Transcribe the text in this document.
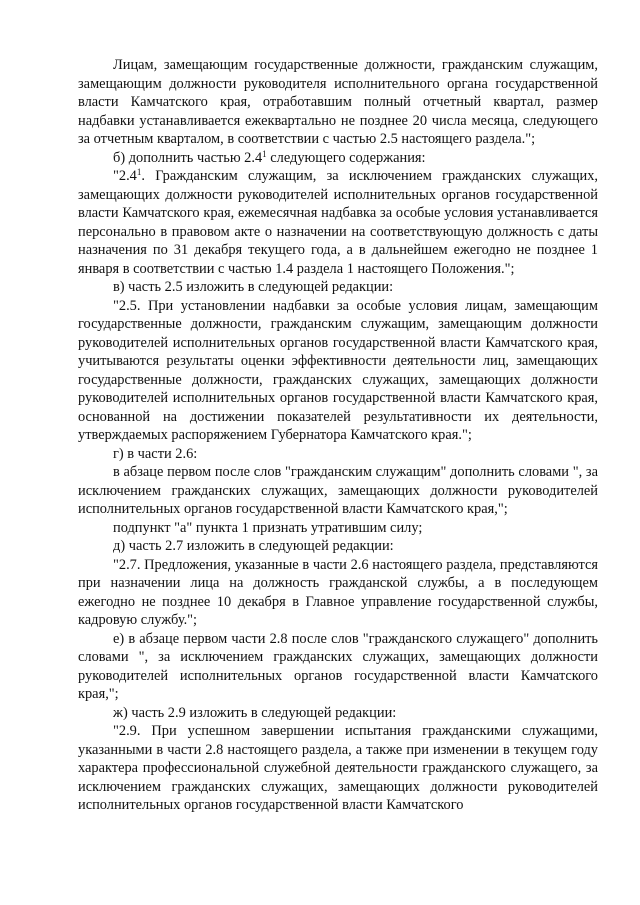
Лицам, замещающим государственные должности, гражданским служащим, замещающим должности руководителя исполнительного органа государственной власти Камчатского края, отработавшим полный отчетный квартал, размер надбавки устанавливается ежеквартально не позднее 20 числа месяца, следующего за отчетным кварталом, в соответствии с частью 2.5 настоящего раздела.";

б) дополнить частью $2.4^1$ следующего содержания:

"$2.4^1$. Гражданским служащим, за исключением гражданских служащих, замещающих должности руководителей исполнительных органов государственной власти Камчатского края, ежемесячная надбавка за особые условия устанавливается персонально в правовом акте о назначении на соответствующую должность с даты назначения по 31 декабря текущего года, а в дальнейшем ежегодно не позднее 1 января в соответствии с частью 1.4 раздела 1 настоящего Положения.";

в) часть 2.5 изложить в следующей редакции:

"2.5. При установлении надбавки за особые условия лицам, замещающим государственные должности, гражданским служащим, замещающим должности руководителей исполнительных органов государственной власти Камчатского края, учитываются результаты оценки эффективности деятельности лиц, замещающих государственные должности, гражданских служащих, замещающих должности руководителей исполнительных органов государственной власти Камчатского края, основанной на достижении показателей результативности их деятельности, утверждаемых распоряжением Губернатора Камчатского края.";

г) в части 2.6:

в абзаце первом после слов "гражданским служащим" дополнить словами ", за исключением гражданских служащих, замещающих должности руководителей исполнительных органов государственной власти Камчатского края,";

подпункт "а" пункта 1 признать утратившим силу;

д) часть 2.7 изложить в следующей редакции:

"2.7. Предложения, указанные в части 2.6 настоящего раздела, представляются при назначении лица на должность гражданской службы, а в последующем ежегодно не позднее 10 декабря в Главное управление государственной службы, кадровую службу.";

е) в абзаце первом части 2.8 после слов "гражданского служащего" дополнить словами ", за исключением гражданских служащих, замещающих должности руководителей исполнительных органов государственной власти Камчатского края,";

ж) часть 2.9 изложить в следующей редакции:

"2.9. При успешном завершении испытания гражданскими служащими, указанными в части 2.8 настоящего раздела, а также при изменении в текущем году характера профессиональной служебной деятельности гражданского служащего, за исключением гражданских служащих, замещающих должности руководителей исполнительных органов государственной власти Камчатского
